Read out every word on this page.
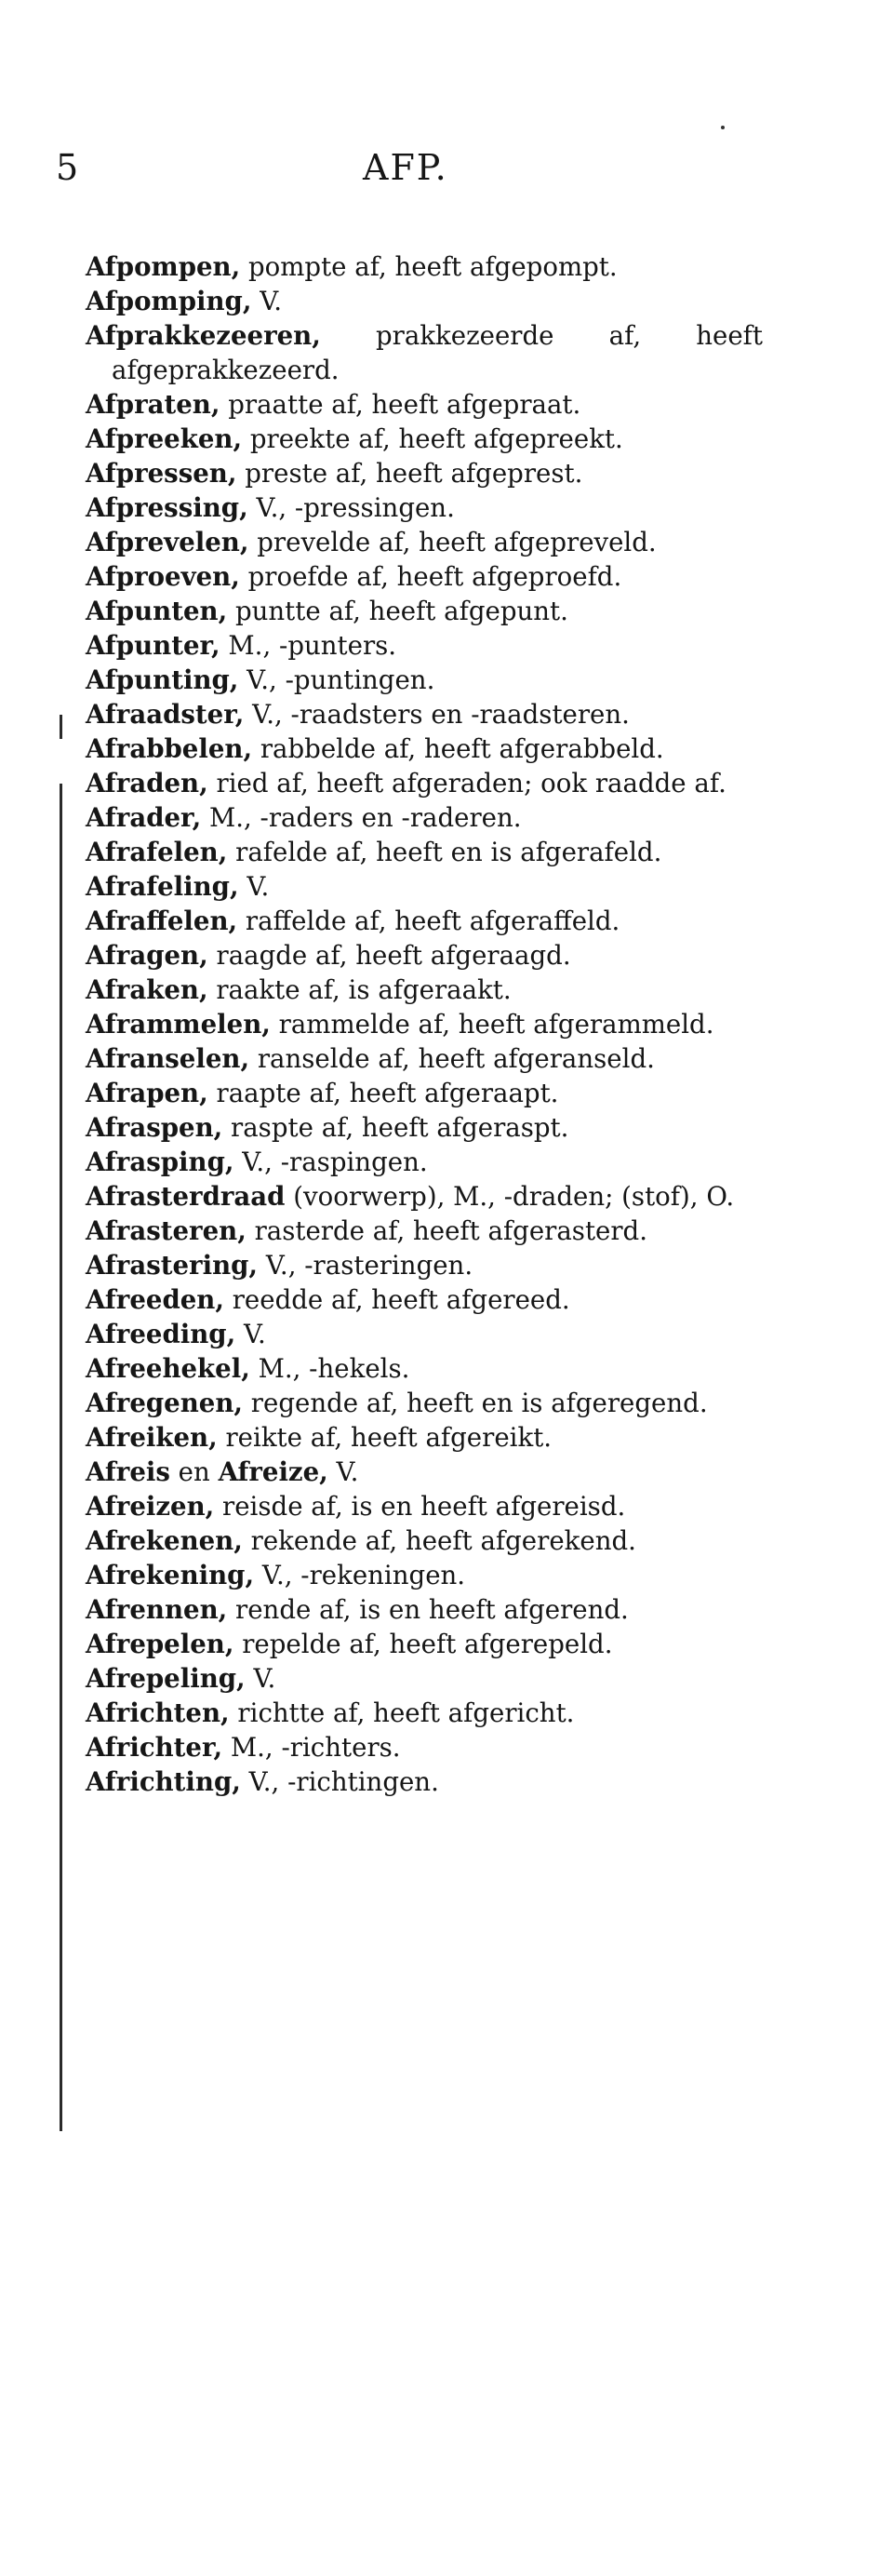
5	AFP.

Afpompen, pompte af, heeft afgepompt.

Afpomping, V.

Afprakkezeeren, prakkezeerde af, heeft afgeprakkezeerd.

Afpraten, praatte af, heeft afgepraat.

Afpreeken, preekte af, heeft afgepreekt.

Afpressen, preste af, heeft afgeprest.

Afpressing, V., -pressingen.

Afprevelen, prevelde af, heeft afgepreveld.

Afproeven, proefde af, heeft afgeproefd.

Afpunten, puntte af, heeft afgepunt.

Afpunter, M., -punters.

Afpunting, V., -puntingen.

Afraadster, V., -raadsters en -raadsteren.

Afrabbelen, rabbelde af, heeft afgerabbeld.

Afraden, ried af, heeft afgeraden; ook raadde af.

Afrader, M., -raders en -raderen.

Afrafelen, rafelde af, heeft en is afgerafeld.

Afrafeling, V.

Afraffelen, raffelde af, heeft afgeraffeld.

Afragen, raagde af, heeft afgeraagd.

Afraken, raakte af, is afgeraakt.

Aframmelen, rammelde af, heeft afgerammeld.

Afranselen, ranselde af, heeft afgeranseld.

Afrapen, raapte af, heeft afgeraapt.

Afraspen, raspte af, heeft afgeraspt.

Afrasping, V., -raspingen.

Afrasterdraad (voorwerp), M., -draden; (stof), O.

Afrasteren, rasterde af, heeft afgerasterd.

Afrastering, V., -rasteringen.

Afreeden, reedde af, heeft afgereed.

Afreeding, V.

Afreehekel, M., -hekels.

Afregenen, regende af, heeft en is afgeregend.

Afreiken, reikte af, heeft afgereikt.

Afreis en Afreize, V.

Afreizen, reisde af, is en heeft afgereisd.

Afrekenen, rekende af, heeft afgerekend.

Afrekening, V., -rekeningen.

Afrennen, rende af, is en heeft afgerend.

Afrepelen, repelde af, heeft afgerepeld.

Afrepeling, V.

Africhten, richtte af, heeft afgericht.

Africhter, M., -richters.

Africhting, V., -richtingen.
